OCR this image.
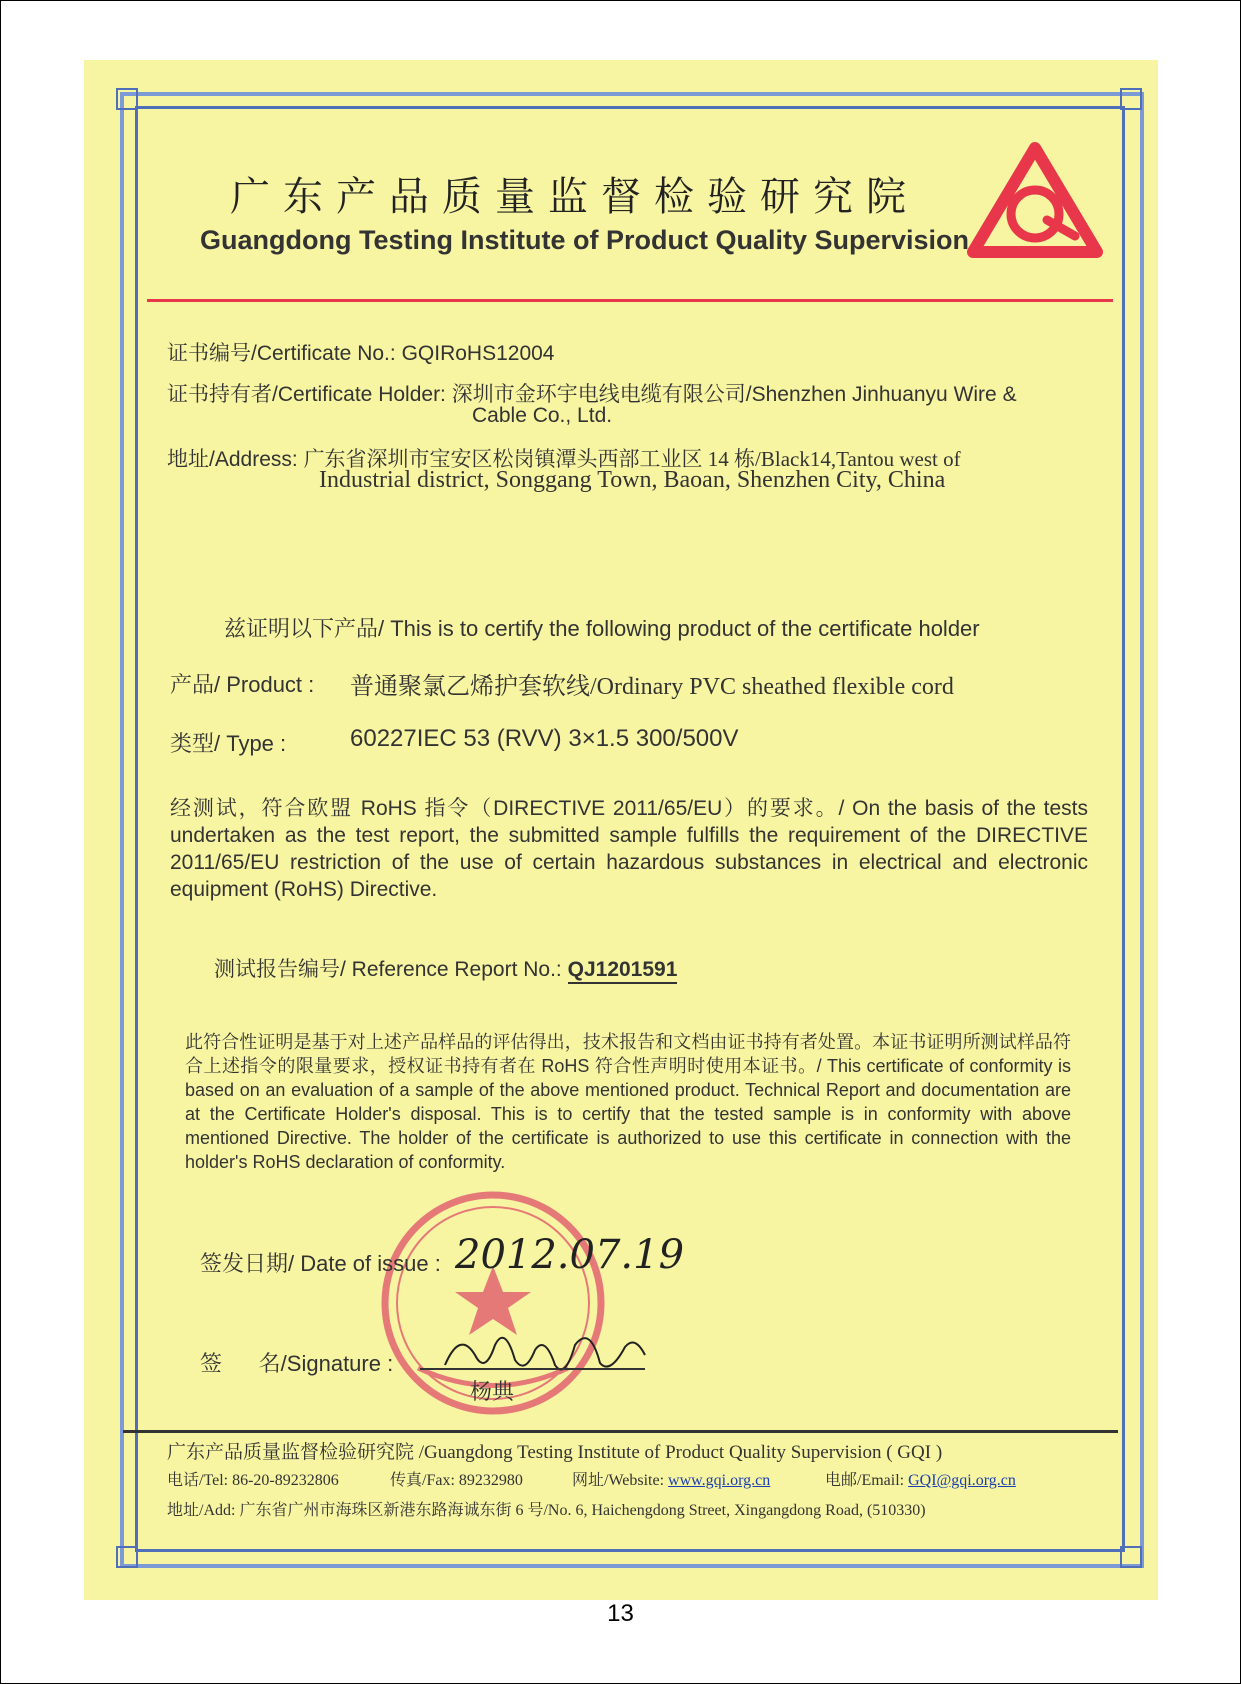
广东产品质量监督检验研究院
Guangdong Testing Institute of Product Quality Supervision
证书编号/Certificate No.: GQIRoHS12004
证书持有者/Certificate Holder: 深圳市金环宇电线电缆有限公司/Shenzhen Jinhuanyu Wire &
Cable Co., Ltd.
地址/Address: 广东省深圳市宝安区松岗镇潭头西部工业区 14 栋/Black14,Tantou west of
Industrial district, Songgang Town, Baoan, Shenzhen City, China
兹证明以下产品/ This is to certify the following product of the certificate holder
产品/ Product : 普通聚氯乙烯护套软线/Ordinary PVC sheathed flexible cord
类型/ Type :	60227IEC 53 (RVV) 3×1.5 300/500V
经测试，符合欧盟 RoHS 指令（DIRECTIVE 2011/65/EU）的要求。/ On the basis of the tests undertaken as the test report, the submitted sample fulfills the requirement of the DIRECTIVE 2011/65/EU restriction of the use of certain hazardous substances in electrical and electronic equipment (RoHS) Directive.
测试报告编号/ Reference Report No.: QJ1201591
此符合性证明是基于对上述产品样品的评估得出，技术报告和文档由证书持有者处置。本证书证明所测试样品符合上述指令的限量要求，授权证书持有者在 RoHS 符合性声明时使用本证书。/ This certificate of conformity is based on an evaluation of a sample of the above mentioned product. Technical Report and documentation are at the Certificate Holder's disposal. This is to certify that the tested sample is in conformity with above mentioned Directive. The holder of the certificate is authorized to use this certificate in connection with the holder's RoHS declaration of conformity.
签发日期/ Date of issue : 2012.07.19
签      名/Signature :
杨典
广东产品质量监督检验研究院 /Guangdong Testing Institute of Product Quality Supervision ( GQI )
电话/Tel: 86-20-89232806	传真/Fax: 89232980	网址/Website: www.gqi.org.cn	电邮/Email: GQI@gqi.org.cn
地址/Add: 广东省广州市海珠区新港东路海诚东街 6 号/No. 6, Haichengdong Street, Xingangdong Road, (510330)
13
